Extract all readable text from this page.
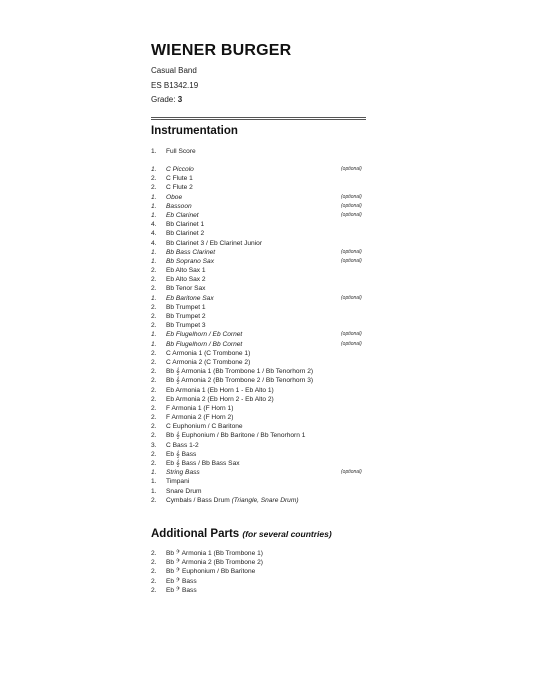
WIENER BURGER
Casual Band
ES B1342.19
Grade: 3
Instrumentation
1.	Full Score
1.	C Piccolo	(optional)
2.	C Flute 1
2.	C Flute 2
1.	Oboe	(optional)
1.	Bassoon	(optional)
1.	Eb Clarinet	(optional)
4.	Bb Clarinet 1
4.	Bb Clarinet 2
4.	Bb Clarinet 3 / Eb Clarinet Junior
1.	Bb Bass Clarinet	(optional)
1.	Bb Soprano Sax	(optional)
2.	Eb Alto Sax 1
2.	Eb Alto Sax 2
2.	Bb Tenor Sax
1.	Eb Baritone Sax	(optional)
2.	Bb Trumpet 1
2.	Bb Trumpet 2
2.	Bb Trumpet 3
1.	Eb Flugelhorn / Eb Cornet	(optional)
1.	Bb Flugelhorn / Bb Cornet	(optional)
2.	C Armonia 1 (C Trombone 1)
2.	C Armonia 2 (C Trombone 2)
2.	Bb 𝄞 Armonia 1 (Bb Trombone 1 / Bb Tenorhorn 2)
2.	Bb 𝄞 Armonia 2 (Bb Trombone 2 / Bb Tenorhorn 3)
2.	Eb Armonia 1 (Eb Horn 1 - Eb Alto 1)
2.	Eb Armonia 2 (Eb Horn 2 - Eb Alto 2)
2.	F Armonia 1 (F Horn 1)
2.	F Armonia 2 (F Horn 2)
2.	C Euphonium / C Baritone
2.	Bb 𝄞 Euphonium / Bb Baritone / Bb Tenorhorn 1
3.	C Bass 1-2
2.	Eb 𝄞 Bass
2.	Eb 𝄞 Bass / Bb Bass Sax
1.	String Bass	(optional)
1.	Timpani
1.	Snare Drum
2.	Cymbals / Bass Drum (Triangle, Snare Drum)
Additional Parts (for several countries)
2.	Bb 𝄢 Armonia 1 (Bb Trombone 1)
2.	Bb 𝄢 Armonia 2 (Bb Trombone 2)
2.	Bb 𝄢 Euphonium / Bb Baritone
2.	Eb 𝄢 Bass
2.	Eb 𝄢 Bass
